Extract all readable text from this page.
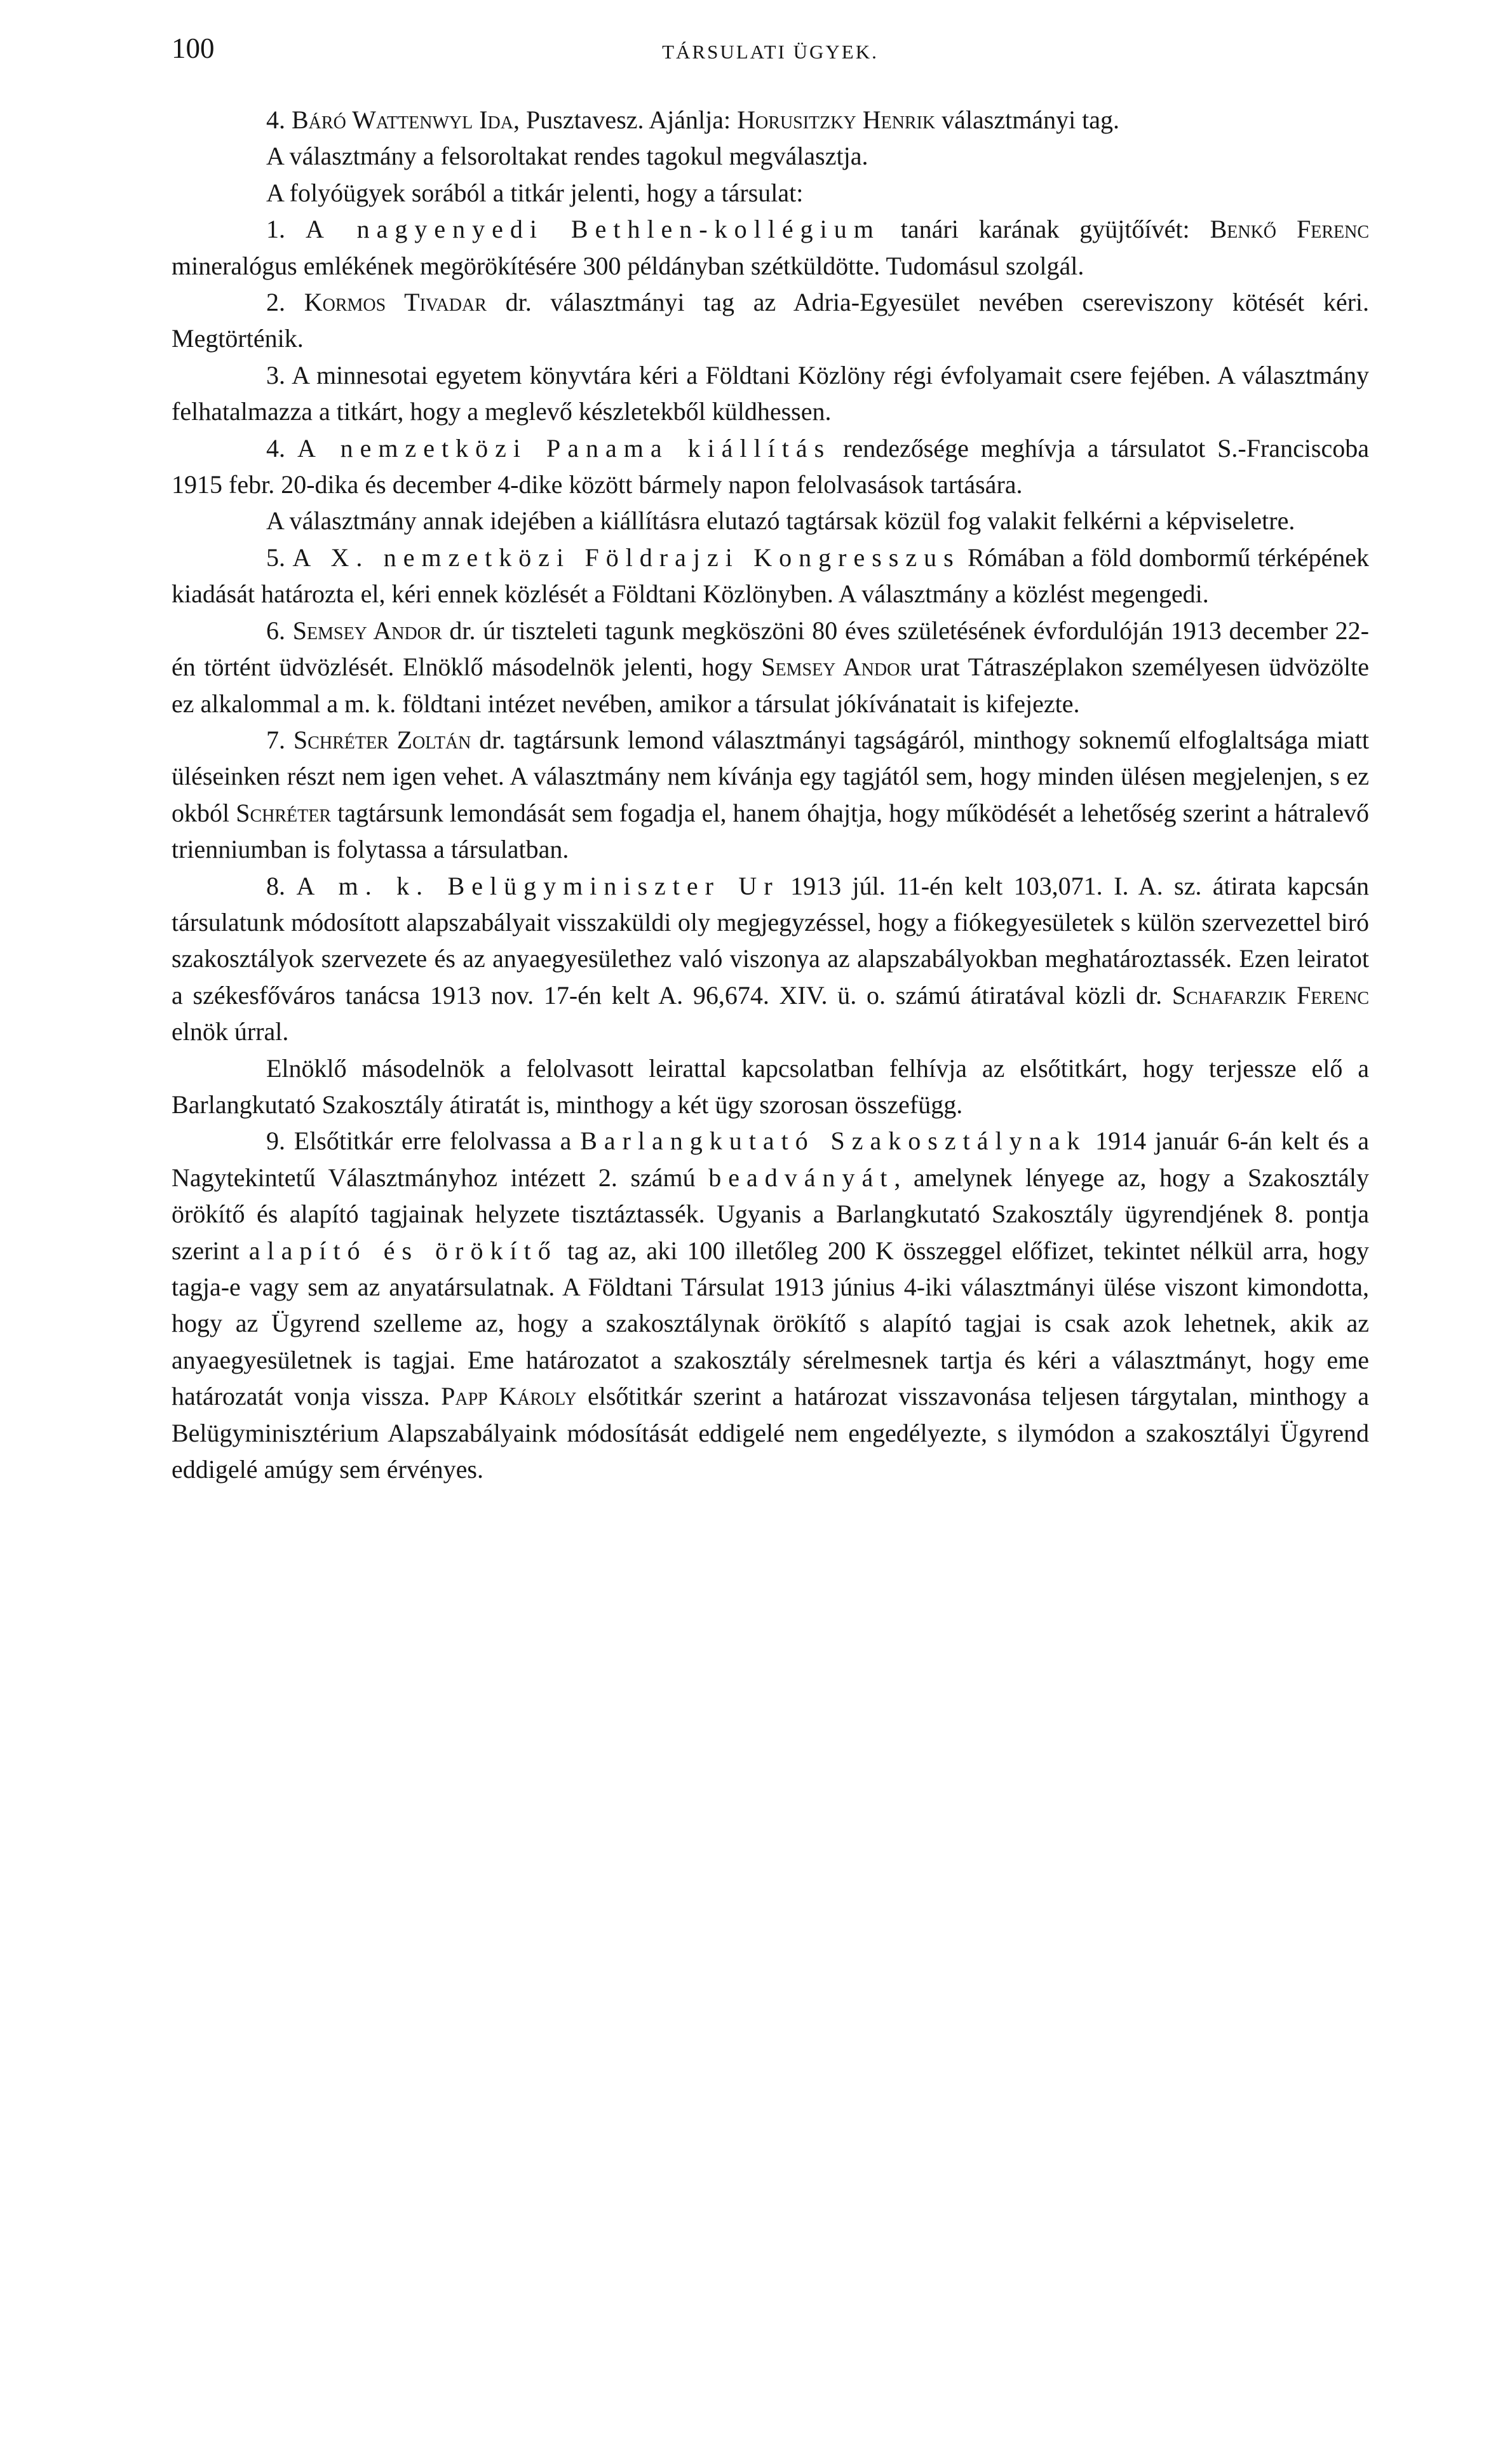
100	TÁRSULATI ÜGYEK.

4. Báró Wattenwyl Ida, Pusztavesz. Ajánlja: Horusitzky Henrik választmányi tag.

A választmány a felsoroltakat rendes tagokul megválasztja.

A folyóügyek sorából a titkár jelenti, hogy a társulat:

1. A nagyenyedi Bethlen-kollégium tanári karának gyüjtőívét: Benkő Ferenc mineralógus emlékének megörökítésére 300 példányban szétküldötte. Tudomásul szolgál.

2. Kormos Tivadar dr. választmányi tag az Adria-Egyesület nevében csereviszony kötését kéri. Megtörténik.

3. A minnesotai egyetem könyvtára kéri a Földtani Közlöny régi évfolyamait csere fejében. A választmány felhatalmazza a titkárt, hogy a meglevő készletekből küldhessen.

4. A nemzetközi Panama kiállítás rendezősége meghívja a társulatot S.-Franciscoba 1915 febr. 20-dika és december 4-dike között bármely napon felolvasások tartására.

A választmány annak idejében a kiállításra elutazó tagtársak közül fog valakit felkérni a képviseletre.

5. A X. nemzetközi Földrajzi Kongresszus Rómában a föld dombormű térképének kiadását határozta el, kéri ennek közlését a Földtani Közlönyben. A választmány a közlést megengedi.

6. Semsey Andor dr. úr tiszteleti tagunk megköszöni 80 éves születésének évfordulóján 1913 december 22-én történt üdvözlését. Elnöklő másodelnök jelenti, hogy Semsey Andor urat Tátraszéplakon személyesen üdvözölte ez alkalommal a m. k. földtani intézet nevében, amikor a társulat jókívánatait is kifejezte.

7. Schréter Zoltán dr. tagtársunk lemond választmányi tagságáról, minthogy soknemű elfoglaltsága miatt üléseinken részt nem igen vehet. A választmány nem kívánja egy tagjától sem, hogy minden ülésen megjelenjen, s ez okból Schréter tagtársunk lemondását sem fogadja el, hanem óhajtja, hogy működését a lehetőség szerint a hátralevő trienniumban is folytassa a társulatban.

8. A m. k. Belügyminiszter Ur 1913 júl. 11-én kelt 103,071. I. A. sz. átirata kapcsán társulatunk módosított alapszabályait visszaküldi oly megjegyzéssel, hogy a fiókegyesületek s külön szervezettel biró szakosztályok szervezete és az anyaegyesülethez való viszonya az alapszabályokban meghatároztassék. Ezen leiratot a székesfőváros tanácsa 1913 nov. 17-én kelt A. 96,674. XIV. ü. o. számú átiratával közli dr. Schafarzik Ferenc elnök úrral.

Elnöklő másodelnök a felolvasott leirattal kapcsolatban felhívja az elsőtitkárt, hogy terjessze elő a Barlangkutató Szakosztály átiratát is, minthogy a két ügy szorosan összefügg.

9. Elsőtitkár erre felolvassa a Barlangkutató Szakosztálynak 1914 január 6-án kelt és a Nagytekintetű Választmányhoz intézett 2. számú beadványát, amelynek lényege az, hogy a Szakosztály örökítő és alapító tagjainak helyzete tisztáztassék. Ugyanis a Barlangkutató Szakosztály ügyrendjének 8. pontja szerint alapító és örökítő tag az, aki 100 illetőleg 200 K összeggel előfizet, tekintet nélkül arra, hogy tagja-e vagy sem az anyatársulatnak. A Földtani Társulat 1913 június 4-iki választmányi ülése viszont kimondotta, hogy az Ügyrend szelleme az, hogy a szakosztálynak örökítő s alapító tagjai is csak azok lehetnek, akik az anyaegyesületnek is tagjai. Eme határozatot a szakosztály sérelmesnek tartja és kéri a választmányt, hogy eme határozatát vonja vissza. Papp Károly elsőtitkár szerint a határozat visszavonása teljesen tárgytalan, minthogy a Belügyminisztérium Alapszabályaink módosítását eddigelé nem engedélyezte, s ilymódon a szakosztályi Ügyrend eddigelé amúgy sem érvényes.
